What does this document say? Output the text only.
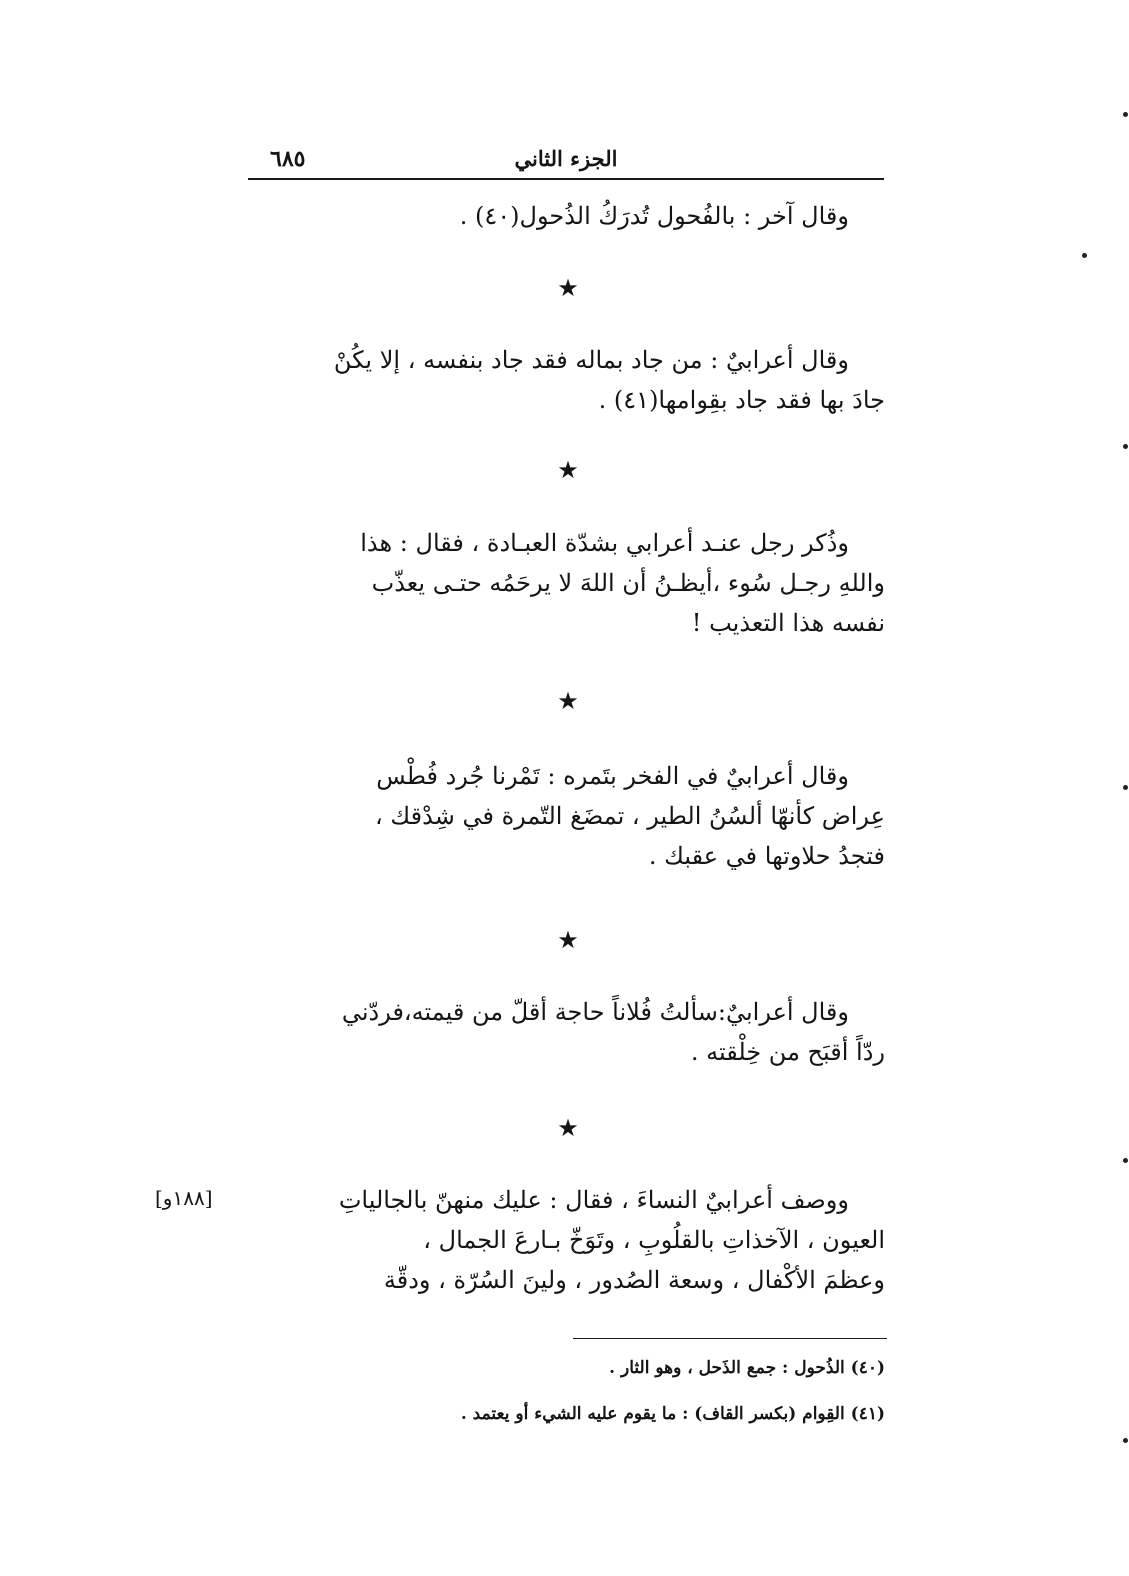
٦٨٥	الجزء الثاني
وقال آخر : بالفُحول تُدرَكُ الذُحول(٤٠) .
★
وقال أعرابيٌ : من جاد بماله فقد جاد بنفسه ، إلا يكُنْ
جادَ بها فقد جاد بقِوامها(٤١) .
★
وذُكر رجل عنـد أعرابي بشدّة العبـادة ، فقال : هذا
واللهِ رجـل سُوء ،أيظـنُ أن اللهَ لا يرحَمُه حتـى يعذّب
نفسه هذا التعذيب !
★
وقال أعرابيٌ في الفخر بتَمره : تَمْرنا جُرد فُطْس
عِراض كأنهّا ألسُنُ الطير ، تمضَغ التّمرة في شِدْقك ،
فتجدُ حلاوتها في عقبك .
★
وقال أعرابيٌ:سألتُ فُلاناً حاجة أقلّ من قيمته،فردّني
ردّاً أقبَح من خِلْقته .
★
ووصف أعرابيٌ النساءَ ، فقال : عليك منهنّ بالجالياتِ
العيون ، الآخذاتِ بالقلُوبِ ، وتَوَخّ بـارعَ الجمال ،
وعظمَ الأكْفال ، وسعة الصُدور ، ولينَ السُرّة ، ودقّة
[١٨٨و]
(٤٠) الذُحول : جمع الذَحل ، وهو الثار .
(٤١) القِوام (بكسر القاف) : ما يقوم عليه الشيء أو يعتمد .
